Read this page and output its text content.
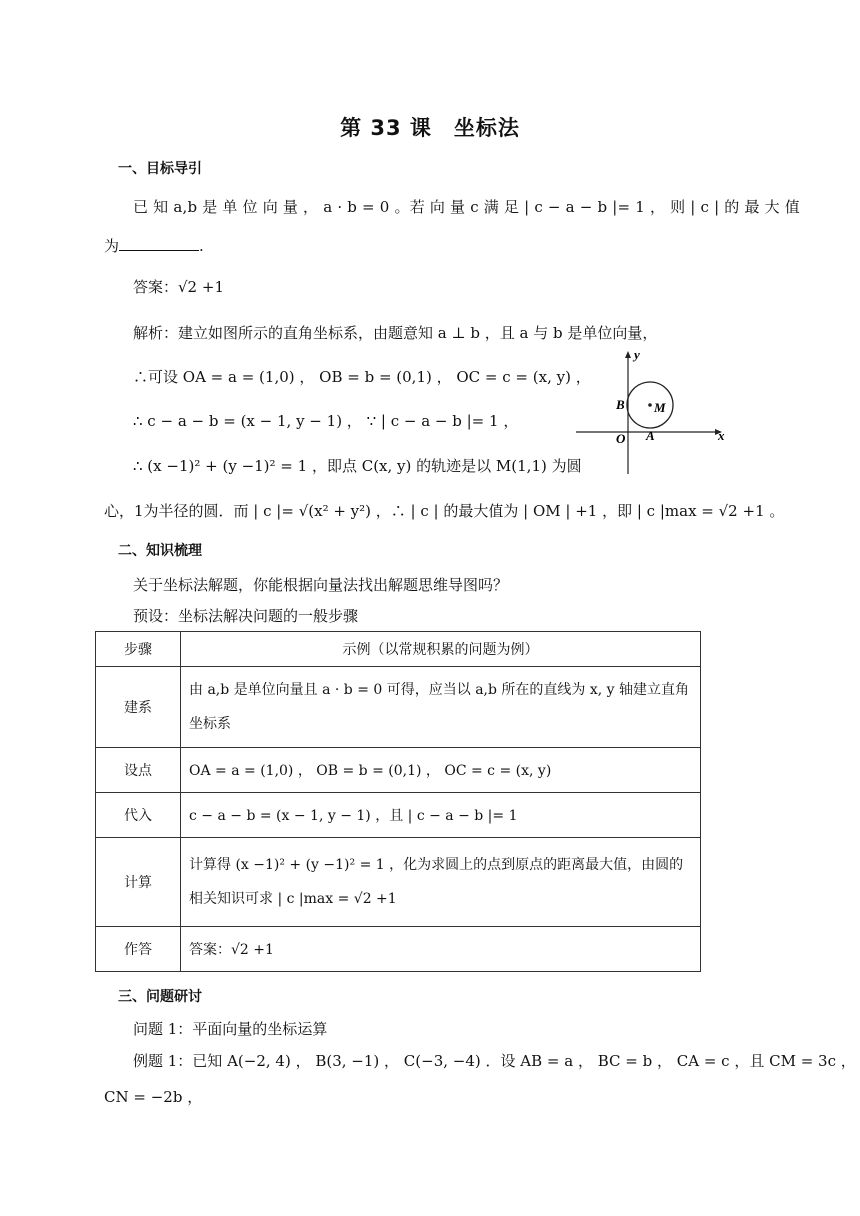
第 33 课　坐标法
一、目标导引
已 知 a,b 是 单 位 向 量 ， a · b = 0 。若 向 量 c 满 足 | c − a − b |= 1 ， 则 | c | 的 最 大 值
为	.
答案：√2 +1
解析：建立如图所示的直角坐标系，由题意知 a ⊥ b ，且 a 与 b 是单位向量，
∴可设 OA = a = (1,0) ， OB = b = (0,1) ， OC = c = (x, y) ，
∴ c − a − b = (x − 1, y − 1) ， ∵ | c − a − b |= 1 ，
∴ (x −1)² + (y −1)² = 1 ，即点 C(x, y) 的轨迹是以 M(1,1) 为圆
心，1为半径的圆．而 | c |= √(x² + y²) ，∴ | c | 的最大值为 | OM | +1 ，即 | c |max = √2 +1 。
y
x
O A
B M
二、知识梳理
关于坐标法解题，你能根据向量法找出解题思维导图吗？
预设：坐标法解决问题的一般步骤
步骤	示例（以常规积累的问题为例）
建系	由 a,b 是单位向量且 a · b = 0 可得，应当以 a,b 所在的直线为 x, y 轴建立直角坐标系
设点	OA = a = (1,0) ， OB = b = (0,1) ， OC = c = (x, y)
代入	c − a − b = (x − 1, y − 1) ，且 | c − a − b |= 1
计算	计算得 (x −1)² + (y −1)² = 1 ，化为求圆上的点到原点的距离最大值，由圆的相关知识可求 | c |max = √2 +1
作答	答案：√2 +1
三、问题研讨
问题 1：平面向量的坐标运算
例题 1：已知 A(−2, 4) ， B(3, −1) ， C(−3, −4) ．设 AB = a ， BC = b ， CA = c ，且 CM = 3c ，
CN = −2b ，
